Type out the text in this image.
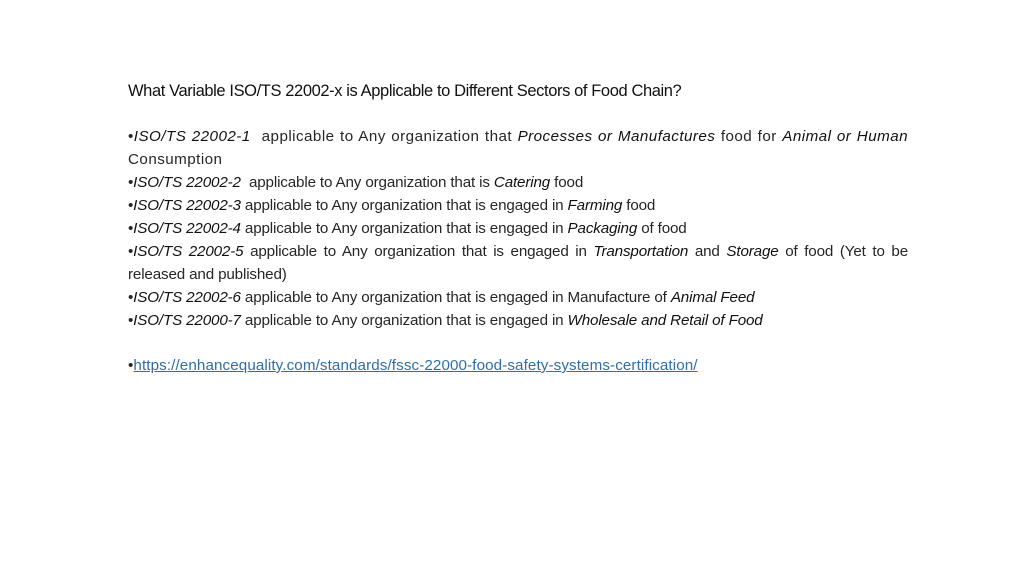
What Variable ISO/TS 22002-x is Applicable to Different Sectors of Food Chain?

•ISO/TS 22002-1  applicable to Any organization that Processes or Manufactures food for Animal or Human Consumption
•ISO/TS 22002-2  applicable to Any organization that is Catering food
•ISO/TS 22002-3 applicable to Any organization that is engaged in Farming food
•ISO/TS 22002-4 applicable to Any organization that is engaged in Packaging of food
•ISO/TS 22002-5 applicable to Any organization that is engaged in Transportation and Storage of food (Yet to be released and published)
•ISO/TS 22002-6 applicable to Any organization that is engaged in Manufacture of Animal Feed
•ISO/TS 22000-7 applicable to Any organization that is engaged in Wholesale and Retail of Food
•https://enhancequality.com/standards/fssc-22000-food-safety-systems-certification/
